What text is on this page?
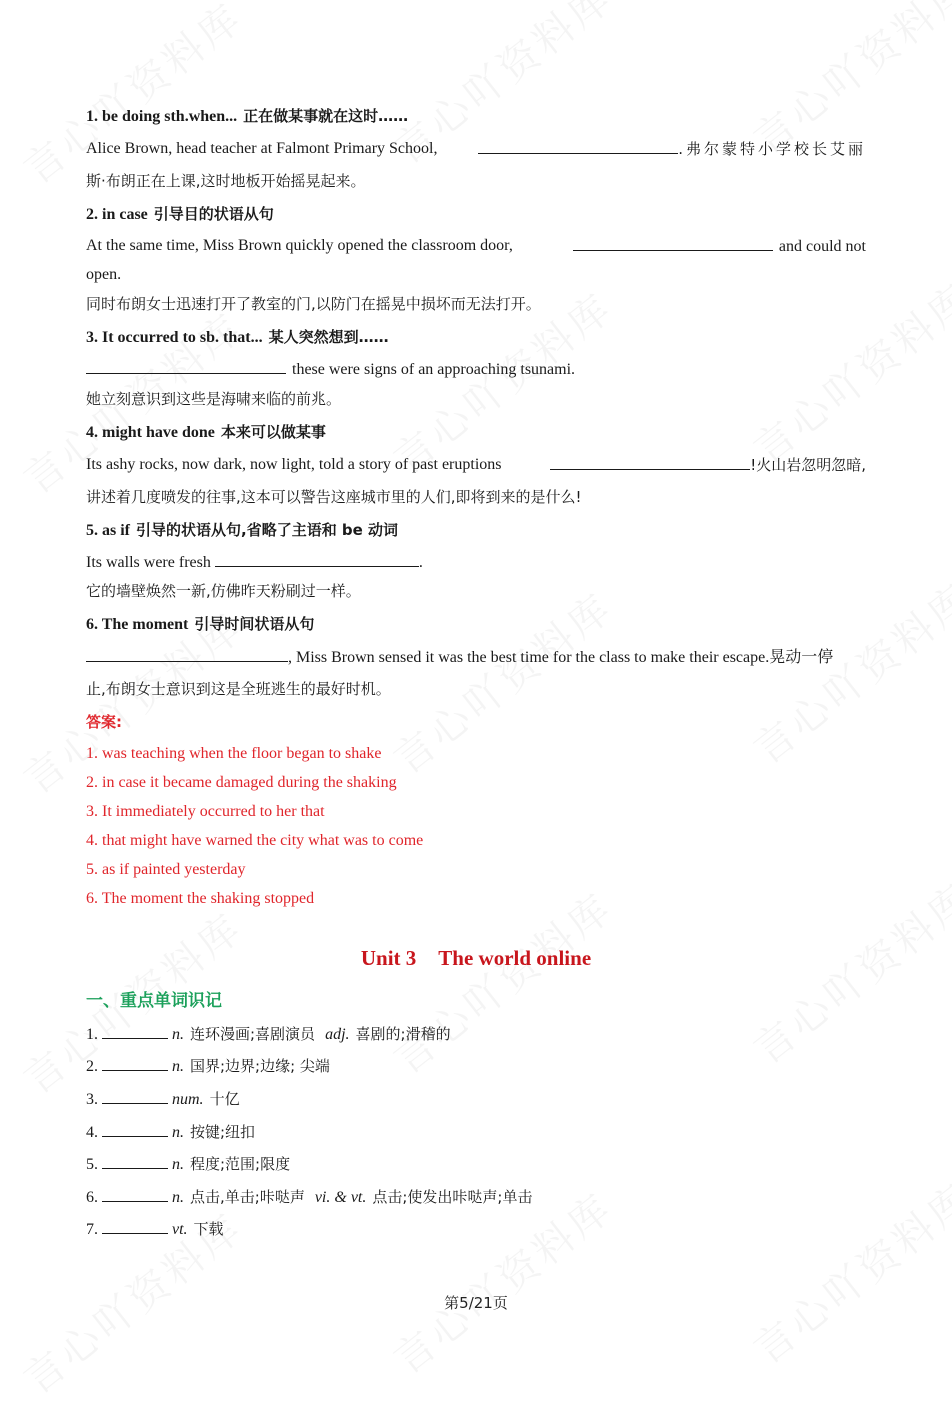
1. be doing sth.when... 正在做某事就在这时……
Alice Brown, head teacher at Falmont Primary School,	.弗尔蒙特小学校长艾丽
斯·布朗正在上课,这时地板开始摇晃起来。
2. in case 引导目的状语从句
At the same time, Miss Brown quickly opened the classroom door,	and could not
open.
同时布朗女士迅速打开了教室的门,以防门在摇晃中损坏而无法打开。
3. It occurred to sb. that... 某人突然想到……
these were signs of an approaching tsunami.
她立刻意识到这些是海啸来临的前兆。
4. might have done 本来可以做某事
Its ashy rocks, now dark, now light, told a story of past eruptions	!火山岩忽明忽暗,
讲述着几度喷发的往事,这本可以警告这座城市里的人们,即将到来的是什么!
5. as if 引导的状语从句,省略了主语和 be 动词
Its walls were fresh	.
它的墙壁焕然一新,仿佛昨天粉刷过一样。
6. The moment 引导时间状语从句
, Miss Brown sensed it was the best time for the class to make their escape.晃动一停
止,布朗女士意识到这是全班逃生的最好时机。
答案:
1. was teaching when the floor began to shake
2. in case it became damaged during the shaking
3. It immediately occurred to her that
4. that might have warned the city what was to come
5. as if painted yesterday
6. The moment the shaking stopped
Unit 3 The world online
一、重点单词识记
1.	n. 连环漫画;喜剧演员 adj. 喜剧的;滑稽的
2.	n. 国界;边界;边缘; 尖端
3.	num. 十亿
4.	n. 按键;纽扣
5.	n. 程度;范围;限度
6.	n. 点击,单击;咔哒声 vi. & vt. 点击;使发出咔哒声;单击
7.	vt. 下载
第5/21页
